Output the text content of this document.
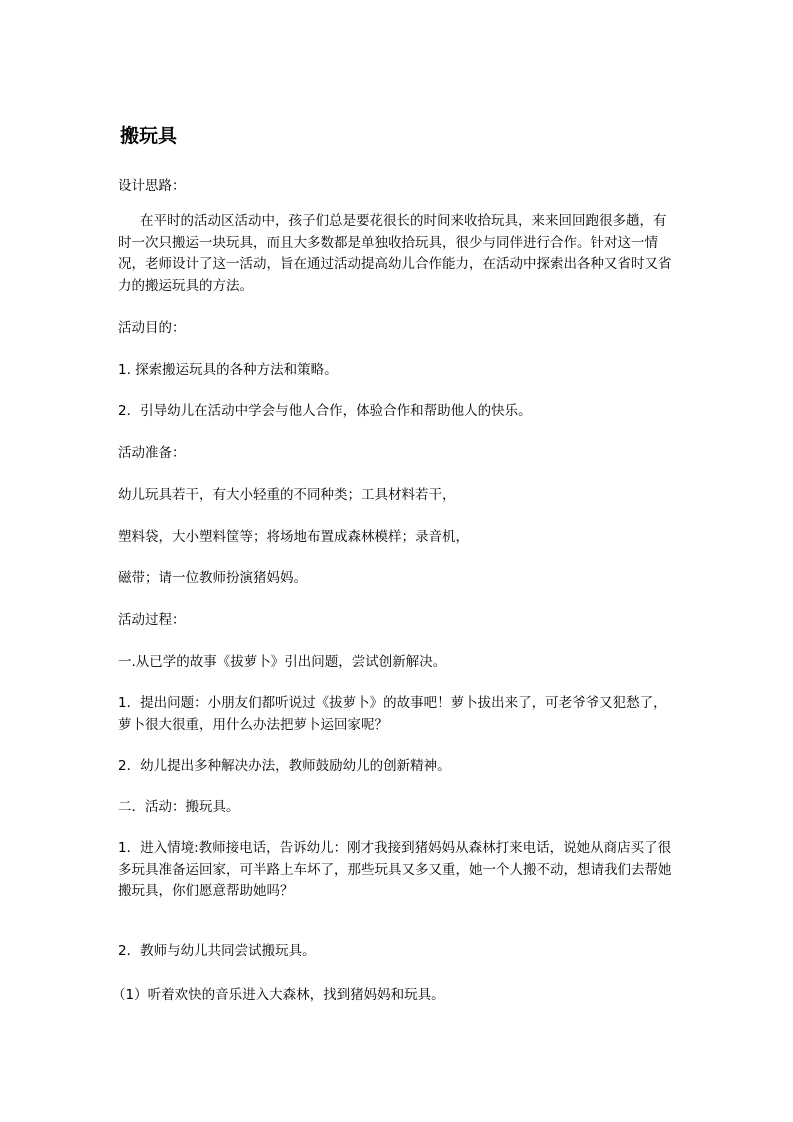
搬玩具
设计思路：
在平时的活动区活动中，孩子们总是要花很长的时间来收拾玩具，来来回回跑很多趟，有时一次只搬运一块玩具，而且大多数都是单独收拾玩具，很少与同伴进行合作。针对这一情况，老师设计了这一活动，旨在通过活动提高幼儿合作能力，在活动中探索出各种又省时又省力的搬运玩具的方法。
活动目的：
1. 探索搬运玩具的各种方法和策略。
2．引导幼儿在活动中学会与他人合作，体验合作和帮助他人的快乐。
活动准备：
幼儿玩具若干，有大小轻重的不同种类；工具材料若干，
塑料袋，大小塑料筐等；将场地布置成森林模样；录音机，
磁带；请一位教师扮演猪妈妈。
活动过程：
一.从已学的故事《拔萝卜》引出问题，尝试创新解决。
1．提出问题：小朋友们都听说过《拔萝卜》的故事吧！萝卜拔出来了，可老爷爷又犯愁了，萝卜很大很重，用什么办法把萝卜运回家呢？
2．幼儿提出多种解决办法，教师鼓励幼儿的创新精神。
二．活动：搬玩具。
1．进入情境:教师接电话，告诉幼儿：刚才我接到猪妈妈从森林打来电话，说她从商店买了很多玩具准备运回家，可半路上车坏了，那些玩具又多又重，她一个人搬不动，想请我们去帮她搬玩具，你们愿意帮助她吗？
2．教师与幼儿共同尝试搬玩具。
（1）听着欢快的音乐进入大森林，找到猪妈妈和玩具。
